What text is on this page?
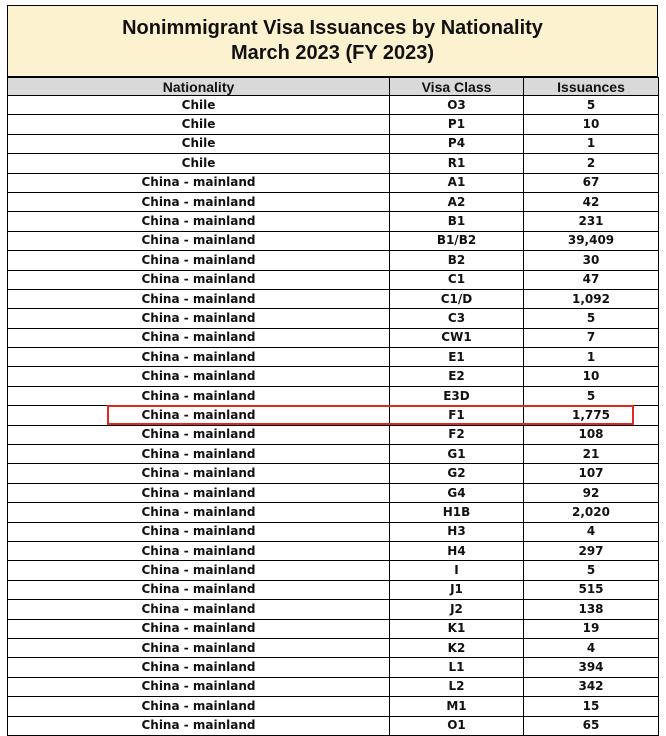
Nonimmigrant Visa Issuances by Nationality
March 2023 (FY 2023)
Nationality	Visa Class	Issuances
Chile	O3	5
Chile	P1	10
Chile	P4	1
Chile	R1	2
China - mainland	A1	67
China - mainland	A2	42
China - mainland	B1	231
China - mainland	B1/B2	39,409
China - mainland	B2	30
China - mainland	C1	47
China - mainland	C1/D	1,092
China - mainland	C3	5
China - mainland	CW1	7
China - mainland	E1	1
China - mainland	E2	10
China - mainland	E3D	5
China - mainland	F1	1,775
China - mainland	F2	108
China - mainland	G1	21
China - mainland	G2	107
China - mainland	G4	92
China - mainland	H1B	2,020
China - mainland	H3	4
China - mainland	H4	297
China - mainland	I	5
China - mainland	J1	515
China - mainland	J2	138
China - mainland	K1	19
China - mainland	K2	4
China - mainland	L1	394
China - mainland	L2	342
China - mainland	M1	15
China - mainland	O1	65
